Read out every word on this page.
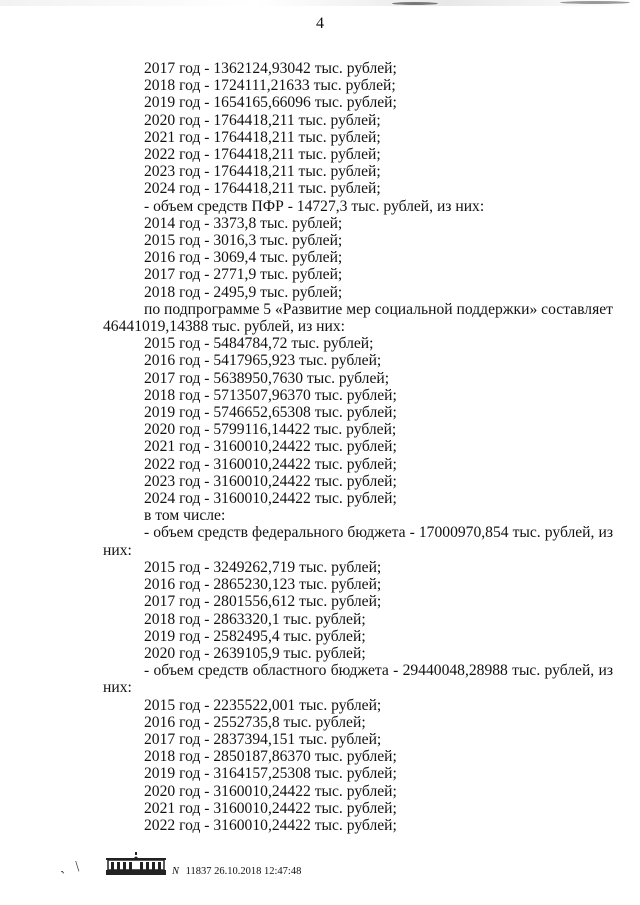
4
2017 год - 1362124,93042 тыс. рублей;
2018 год - 1724111,21633 тыс. рублей;
2019 год - 1654165,66096 тыс. рублей;
2020 год - 1764418,211 тыс. рублей;
2021 год - 1764418,211 тыс. рублей;
2022 год - 1764418,211 тыс. рублей;
2023 год - 1764418,211 тыс. рублей;
2024 год - 1764418,211 тыс. рублей;
- объем средств ПФР - 14727,3 тыс. рублей, из них:
2014 год - 3373,8 тыс. рублей;
2015 год - 3016,3 тыс. рублей;
2016 год - 3069,4 тыс. рублей;
2017 год - 2771,9 тыс. рублей;
2018 год - 2495,9 тыс. рублей;
по подпрограмме 5 «Развитие мер социальной поддержки» составляет
46441019,14388 тыс. рублей, из них:
2015 год - 5484784,72 тыс. рублей;
2016 год - 5417965,923 тыс. рублей;
2017 год - 5638950,7630 тыс. рублей;
2018 год - 5713507,96370 тыс. рублей;
2019 год - 5746652,65308 тыс. рублей;
2020 год - 5799116,14422 тыс. рублей;
2021 год - 3160010,24422 тыс. рублей;
2022 год - 3160010,24422 тыс. рублей;
2023 год - 3160010,24422 тыс. рублей;
2024 год - 3160010,24422 тыс. рублей;
в том числе:
- объем средств федерального бюджета - 17000970,854 тыс. рублей, из
них:
2015 год - 3249262,719 тыс. рублей;
2016 год - 2865230,123 тыс. рублей;
2017 год - 2801556,612 тыс. рублей;
2018 год - 2863320,1 тыс. рублей;
2019 год - 2582495,4 тыс. рублей;
2020 год - 2639105,9 тыс. рублей;
- объем средств областного бюджета - 29440048,28988 тыс. рублей, из
них:
2015 год - 2235522,001 тыс. рублей;
2016 год - 2552735,8 тыс. рублей;
2017 год - 2837394,151 тыс. рублей;
2018 год - 2850187,86370 тыс. рублей;
2019 год - 3164157,25308 тыс. рублей;
2020 год - 3160010,24422 тыс. рублей;
2021 год - 3160010,24422 тыс. рублей;
2022 год - 3160010,24422 тыс. рублей;
ˎ ﹨	N 11837 26.10.2018 12:47:48
